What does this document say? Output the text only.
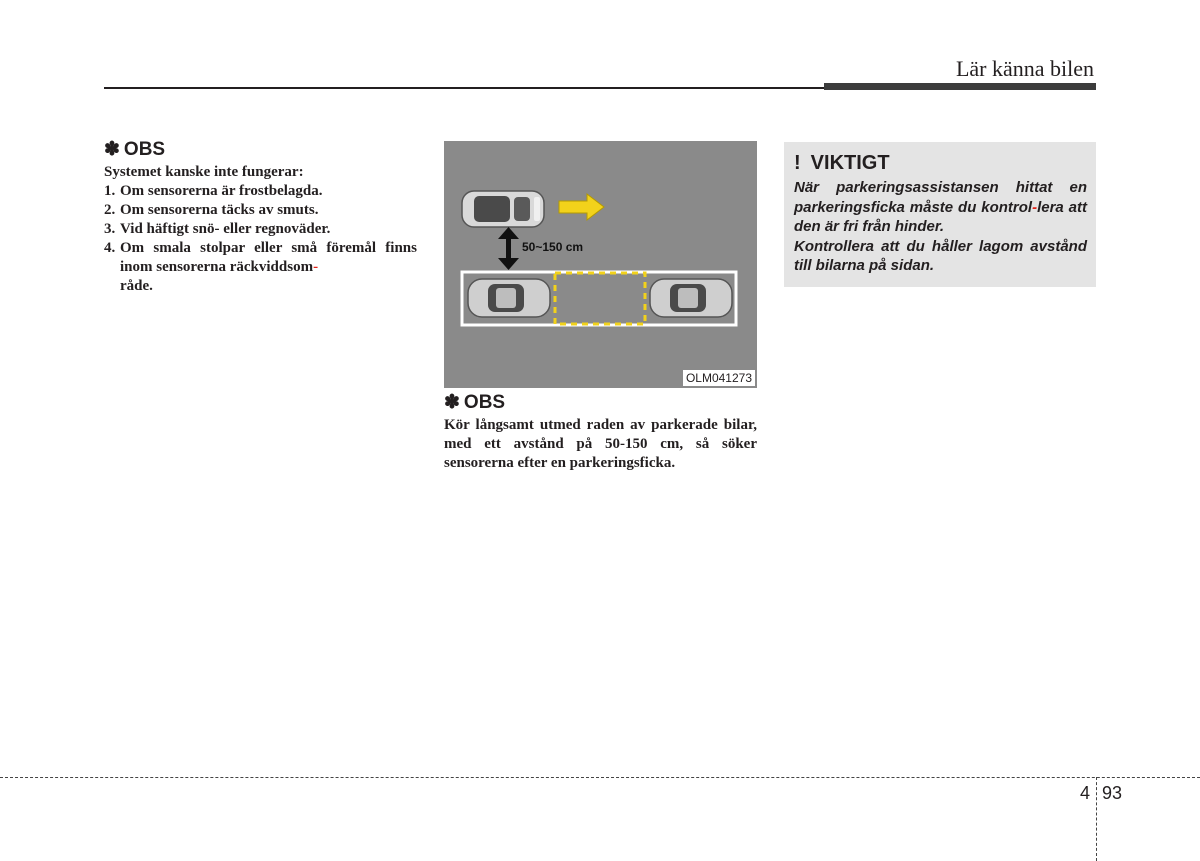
Lär känna bilen
✽ OBS
Systemet kanske inte fungerar:
1. Om sensorerna är frostbelagda.
2. Om sensorerna täcks av smuts.
3. Vid häftigt snö- eller regnoväder.
4. Om smala stolpar eller små föremål finns inom sensorerna räckviddsom-
råde.
50~150 cm
OLM041273
✽ OBS
Kör långsamt utmed raden av parkerade bilar, med ett avstånd på 50-150 cm, så söker sensorerna efter en parkeringsficka.
! VIKTIGT

När parkeringsassistansen hittat en parkeringsficka måste du kontrol-lera att den är fri från hinder.

Kontrollera att du håller lagom avstånd till bilarna på sidan.

4 93
